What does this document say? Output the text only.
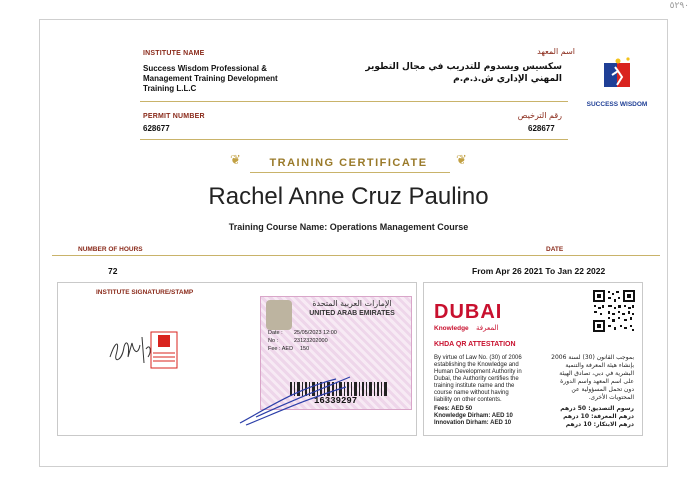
٥٢٩٠
INSTITUTE NAME	اسم المعهد
Success Wisdom Professional &
Management Training Development
Training L.L.C
سكسيس ويسدوم للتدريب في مجال التطوير
المهني الإداري ش.ذ.م.م
PERMIT NUMBER	رقم الترخيص
628677	628677
SUCCESS WISDOM
❦	❦
TRAINING CERTIFICATE
Rachel Anne Cruz Paulino
Training Course Name: Operations Management Course
NUMBER OF HOURS	DATE
72	From Apr 26 2021 To Jan 22 2022
INSTITUTE SIGNATURE/STAMP
الإمارات العربية المتحدة
UNITED ARAB EMIRATES
Date : 25/05/2023 12:00
No :	23123202000
Fee : AED 150
16339297
DUBAI
Knowledge المعرفة
KHDA QR ATTESTATION
By virtue of Law No. (30) of 2006
establishing the Knowledge and
Human Development Authority in
Dubai, the Authority certifies the
training institute name and the
course name without having
liability on other contents.
بموجب القانون (30) لسنة 2006
بإنشاء هيئة المعرفة والتنمية
البشرية في دبي، تصادق الهيئة
على اسم المعهد واسم الدورة
دون تحمل المسؤولية عن
المحتويات الأخرى.
Fees: AED 50
Knowledge Dirham: AED 10
Innovation Dirham: AED 10
رسوم التصديق: 50 درهم
درهم المعرفة: 10 درهم
درهم الابتكار: 10 درهم
